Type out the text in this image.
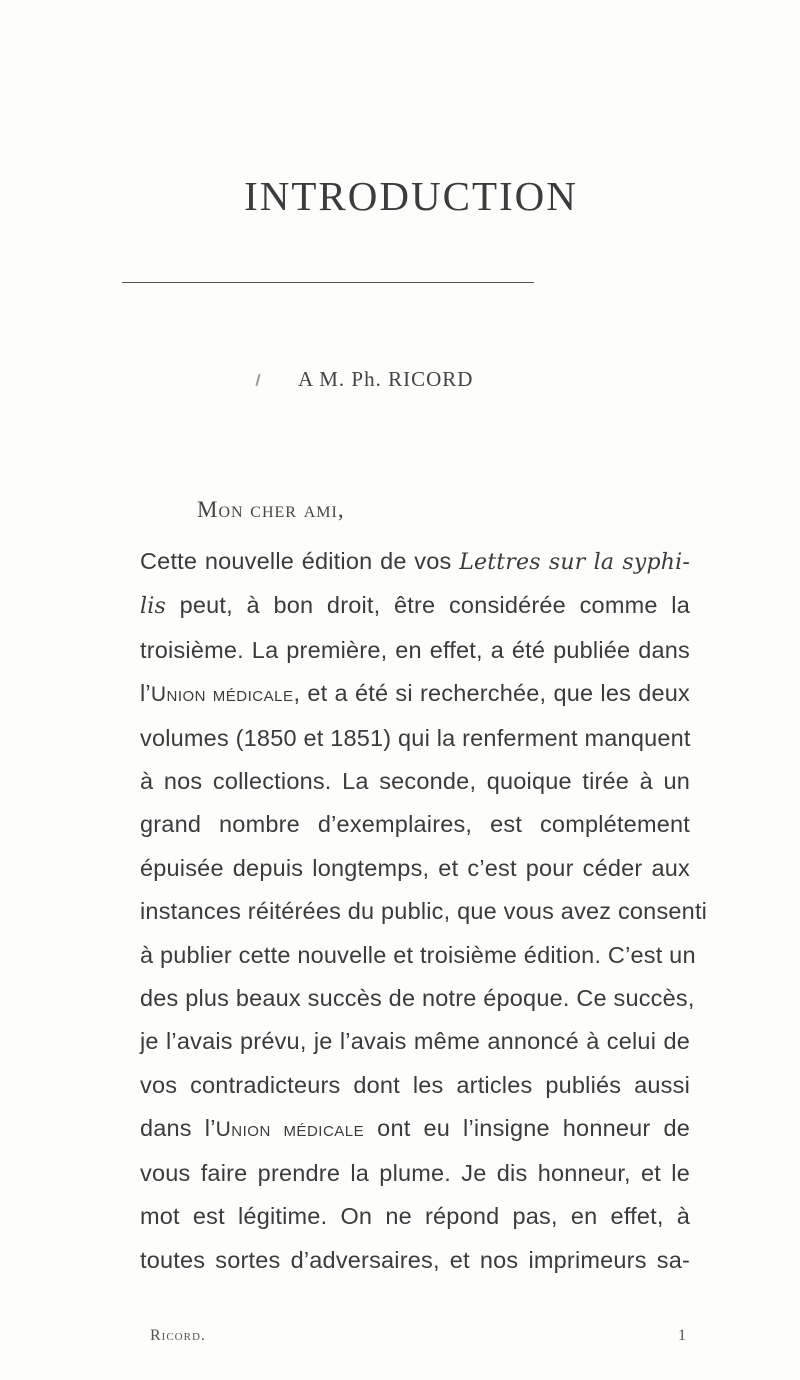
INTRODUCTION
A M. Ph. RICORD
Mon cher ami,
Cette nouvelle édition de vos Lettres sur la syphi-
lis peut, à bon droit, être considérée comme la
troisième. La première, en effet, a été publiée dans
l’Union médicale, et a été si recherchée, que les deux
volumes (1850 et 1851) qui la renferment manquent
à nos collections. La seconde, quoique tirée à un
grand nombre d’exemplaires, est complétement
épuisée depuis longtemps, et c’est pour céder aux
instances réitérées du public, que vous avez consenti
à publier cette nouvelle et troisième édition. C’est un
des plus beaux succès de notre époque. Ce succès,
je l’avais prévu, je l’avais même annoncé à celui de
vos contradicteurs dont les articles publiés aussi
dans l’Union médicale ont eu l’insigne honneur de
vous faire prendre la plume. Je dis honneur, et le
mot est légitime. On ne répond pas, en effet, à
toutes sortes d’adversaires, et nos imprimeurs sa-
Ricord.	1
